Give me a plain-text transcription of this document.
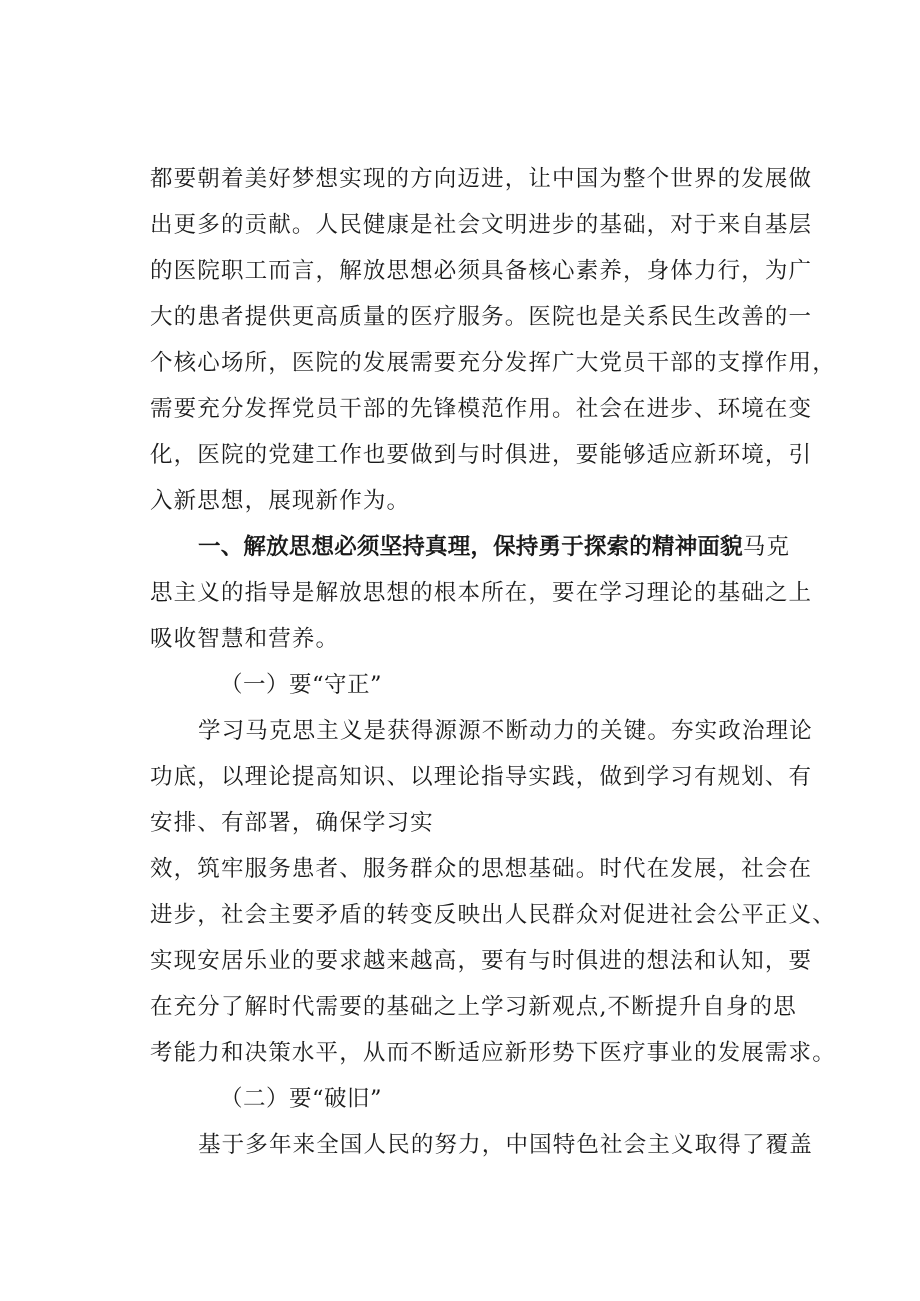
都要朝着美好梦想实现的方向迈进，让中国为整个世界的发展做

出更多的贡献。人民健康是社会文明进步的基础，对于来自基层

的医院职工而言，解放思想必须具备核心素养，身体力行，为广

大的患者提供更高质量的医疗服务。医院也是关系民生改善的一

个核心场所，医院的发展需要充分发挥广大党员干部的支撑作用，

需要充分发挥党员干部的先锋模范作用。社会在进步、环境在变

化，医院的党建工作也要做到与时俱进，要能够适应新环境，引

入新思想，展现新作为。

一、解放思想必须坚持真理，保持勇于探索的精神面貌马克

思主义的指导是解放思想的根本所在，要在学习理论的基础之上

吸收智慧和营养。

（一）要“守正”

学习马克思主义是获得源源不断动力的关键。夯实政治理论

功底，以理论提高知识、以理论指导实践，做到学习有规划、有

安排、有部署，确保学习实

效，筑牢服务患者、服务群众的思想基础。时代在发展，社会在

进步，社会主要矛盾的转变反映出人民群众对促进社会公平正义、

实现安居乐业的要求越来越高，要有与时俱进的想法和认知，要

在充分了解时代需要的基础之上学习新观点,不断提升自身的思

考能力和决策水平，从而不断适应新形势下医疗事业的发展需求。

（二）要“破旧”

基于多年来全国人民的努力，中国特色社会主义取得了覆盖
